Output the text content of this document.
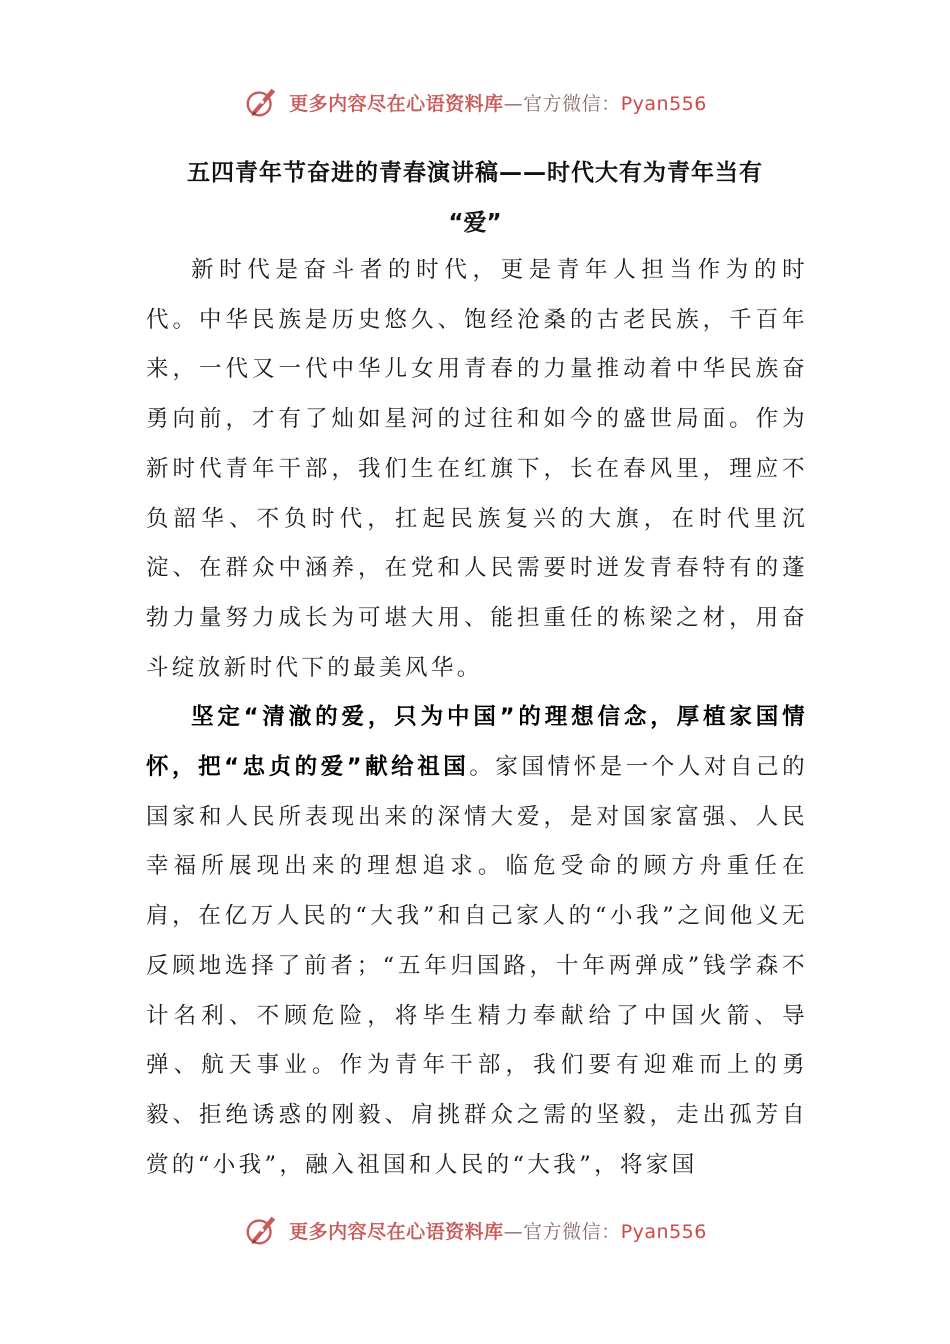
更多内容尽在心语资料库—官方微信：Pyan556
五四青年节奋进的青春演讲稿——时代大有为青年当有
“爱”

新时代是奋斗者的时代，更是青年人担当作为的时代。中华民族是历史悠久、饱经沧桑的古老民族，千百年来，一代又一代中华儿女用青春的力量推动着中华民族奋勇向前，才有了灿如星河的过往和如今的盛世局面。作为新时代青年干部，我们生在红旗下，长在春风里，理应不负韶华、不负时代，扛起民族复兴的大旗，在时代里沉淀、在群众中涵养，在党和人民需要时迸发青春特有的蓬勃力量努力成长为可堪大用、能担重任的栋梁之材，用奋斗绽放新时代下的最美风华。

坚定“清澈的爱，只为中国”的理想信念，厚植家国情怀，把“忠贞的爱”献给祖国。家国情怀是一个人对自己的国家和人民所表现出来的深情大爱，是对国家富强、人民幸福所展现出来的理想追求。临危受命的顾方舟重任在肩，在亿万人民的“大我”和自己家人的“小我”之间他义无反顾地选择了前者；“五年归国路，十年两弹成”钱学森不计名利、不顾危险，将毕生精力奉献给了中国火箭、导弹、航天事业。作为青年干部，我们要有迎难而上的勇毅、拒绝诱惑的刚毅、肩挑群众之需的坚毅，走出孤芳自赏的“小我”，融入祖国和人民的“大我”，将家国

更多内容尽在心语资料库—官方微信：Pyan556
